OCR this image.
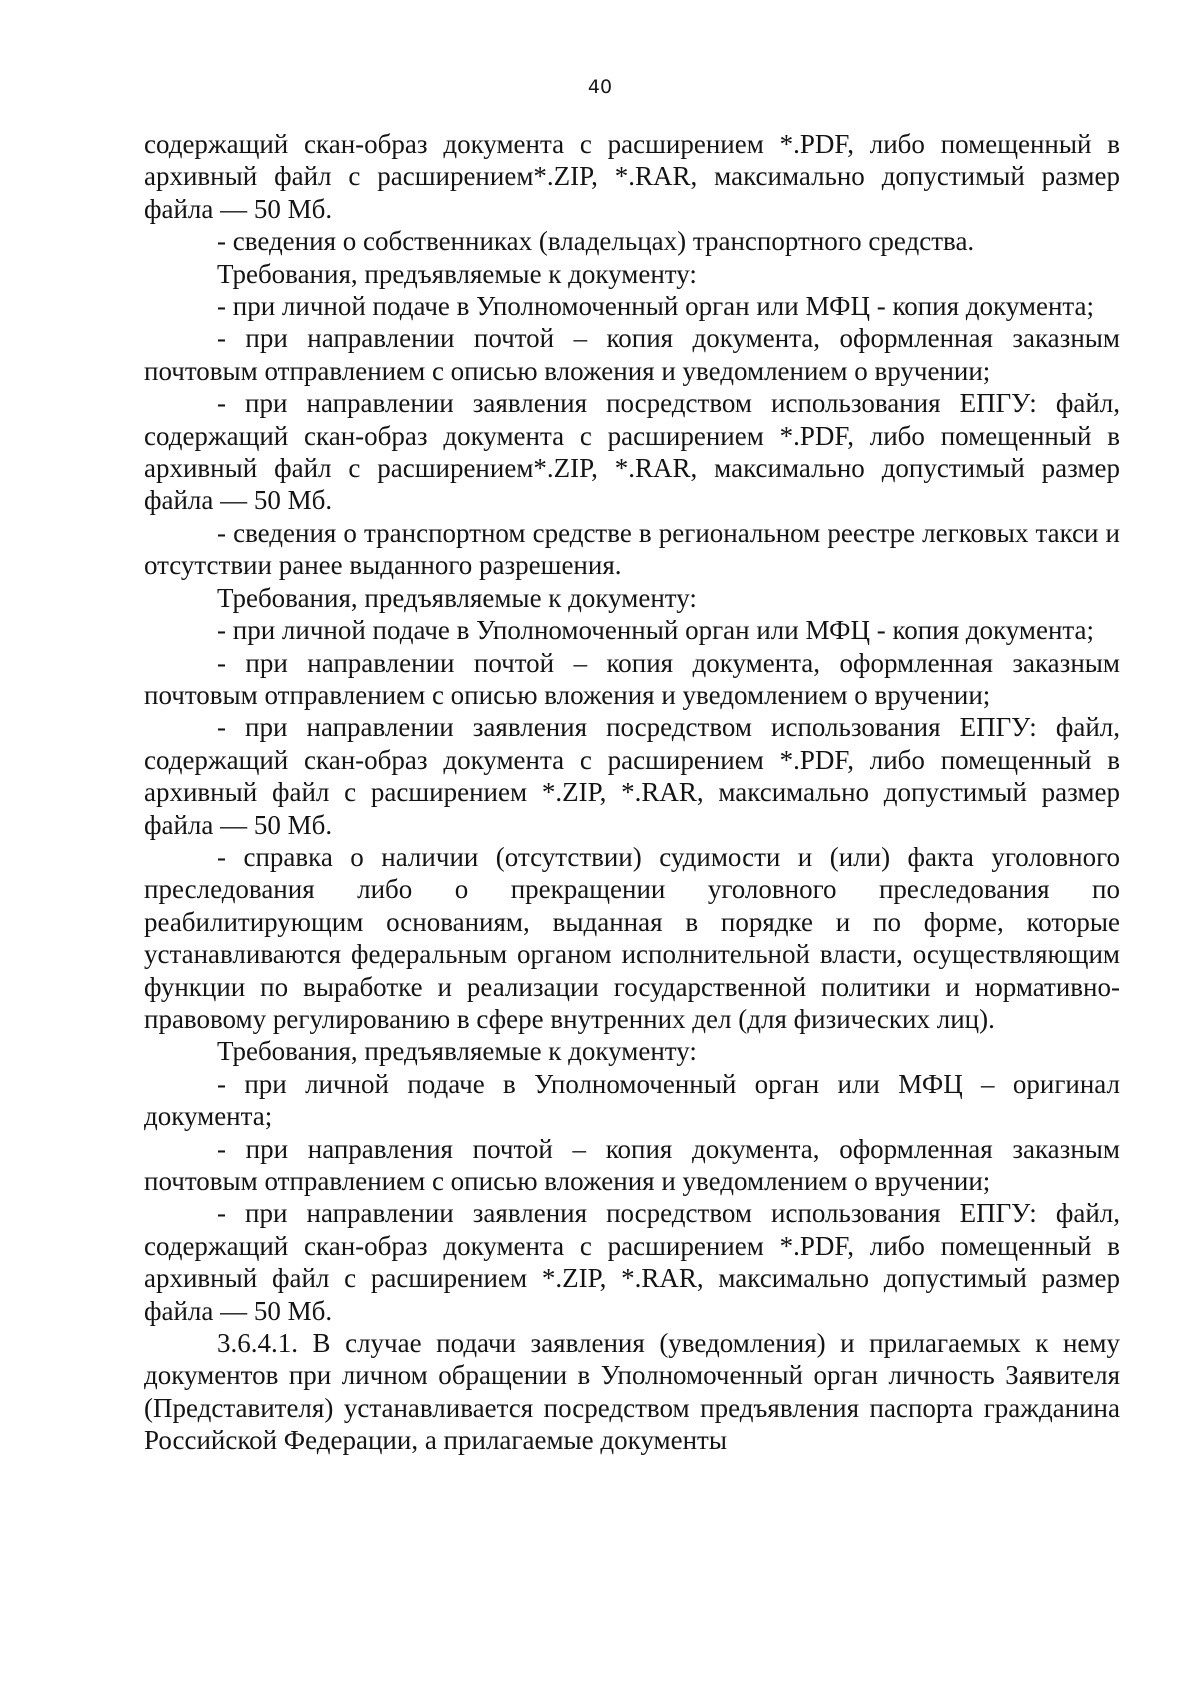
40

содержащий скан-образ документа с расширением *.PDF, либо помещенный в архивный файл с расширением*.ZIP, *.RAR, максимально допустимый размер файла — 50 Мб.

- сведения о собственниках (владельцах) транспортного средства.

Требования, предъявляемые к документу:

- при личной подаче в Уполномоченный орган или МФЦ - копия документа;

- при направлении почтой – копия документа, оформленная заказным почтовым отправлением с описью вложения и уведомлением о вручении;

- при направлении заявления посредством использования ЕПГУ: файл, содержащий скан-образ документа с расширением *.PDF, либо помещенный в архивный файл с расширением*.ZIP, *.RAR, максимально допустимый размер файла — 50 Мб.

- сведения о транспортном средстве в региональном реестре легковых такси и отсутствии ранее выданного разрешения.

Требования, предъявляемые к документу:

- при личной подаче в Уполномоченный орган или МФЦ - копия документа;

- при направлении почтой – копия документа, оформленная заказным почтовым отправлением с описью вложения и уведомлением о вручении;

- при направлении заявления посредством использования ЕПГУ: файл, содержащий скан-образ документа с расширением *.PDF, либо помещенный в архивный файл с расширением *.ZIP, *.RAR, максимально допустимый размер файла — 50 Мб.

- справка о наличии (отсутствии) судимости и (или) факта уголовного преследования либо о прекращении уголовного преследования по реабилитирующим основаниям, выданная в порядке и по форме, которые устанавливаются федеральным органом исполнительной власти, осуществляющим функции по выработке и реализации государственной политики и нормативно-правовому регулированию в сфере внутренних дел (для физических лиц).

Требования, предъявляемые к документу:

- при личной подаче в Уполномоченный орган или МФЦ – оригинал документа;

- при направления почтой – копия документа, оформленная заказным почтовым отправлением с описью вложения и уведомлением о вручении;

- при направлении заявления посредством использования ЕПГУ: файл, содержащий скан-образ документа с расширением *.PDF, либо помещенный в архивный файл с расширением *.ZIP, *.RAR, максимально допустимый размер файла — 50 Мб.

3.6.4.1. В случае подачи заявления (уведомления) и прилагаемых к нему документов при личном обращении в Уполномоченный орган личность Заявителя (Представителя) устанавливается посредством предъявления паспорта гражданина Российской Федерации, а прилагаемые документы
